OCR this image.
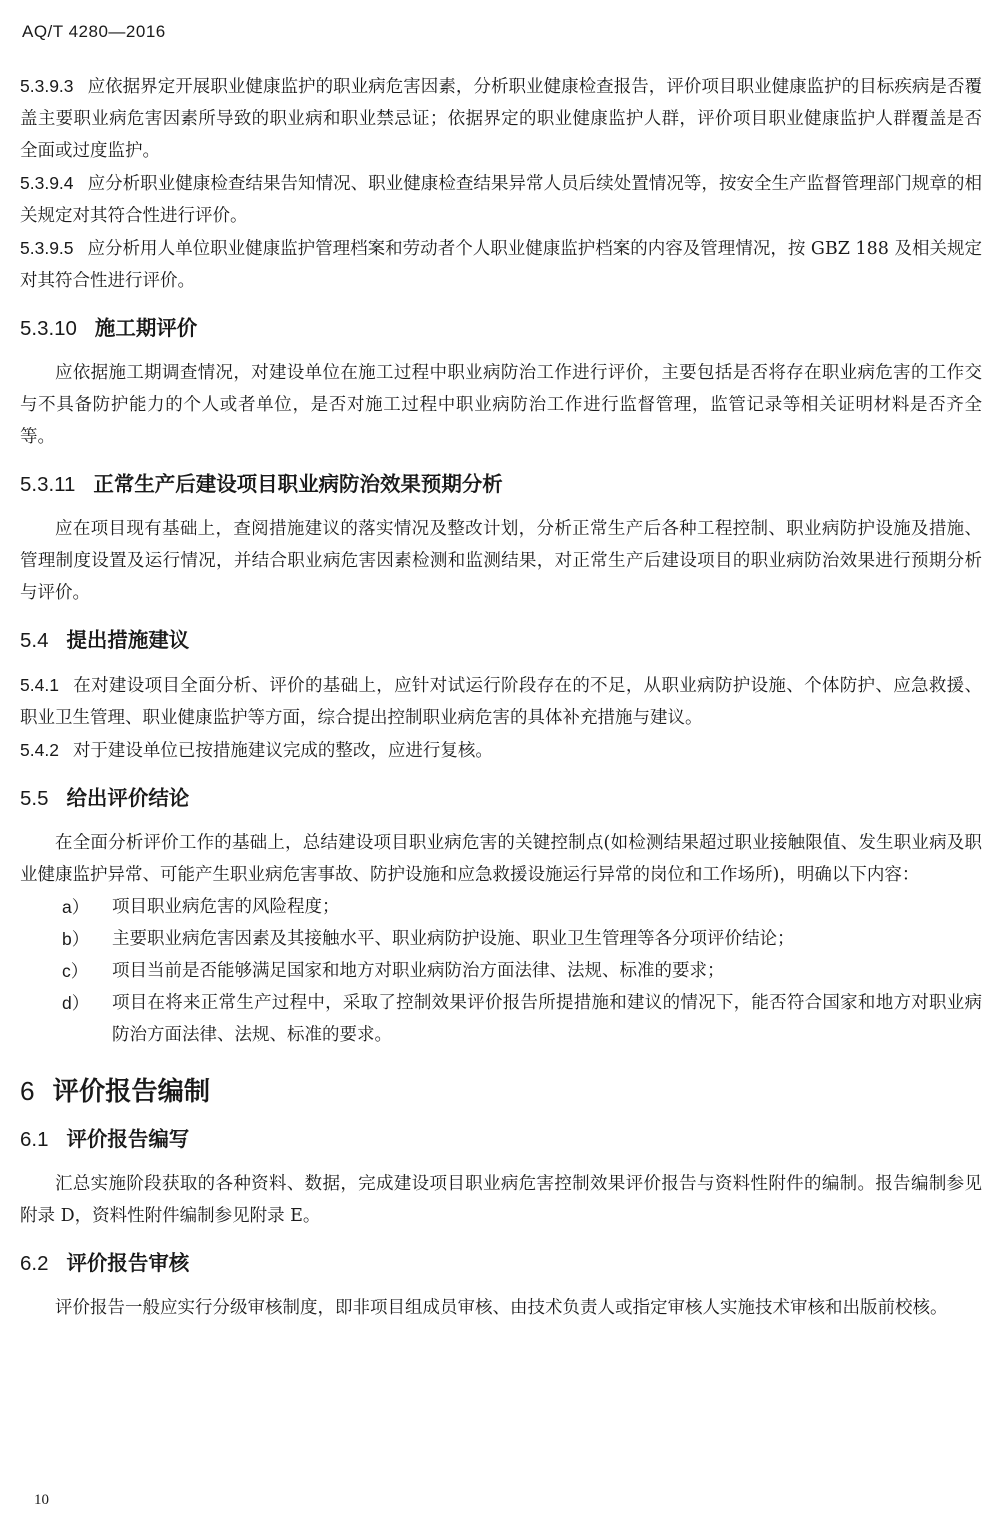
AQ/T 4280—2016

5.3.9.3 应依据界定开展职业健康监护的职业病危害因素，分析职业健康检查报告，评价项目职业健康监护的目标疾病是否覆盖主要职业病危害因素所导致的职业病和职业禁忌证；依据界定的职业健康监护人群，评价项目职业健康监护人群覆盖是否全面或过度监护。

5.3.9.4 应分析职业健康检查结果告知情况、职业健康检查结果异常人员后续处置情况等，按安全生产监督管理部门规章的相关规定对其符合性进行评价。

5.3.9.5 应分析用人单位职业健康监护管理档案和劳动者个人职业健康监护档案的内容及管理情况，按 GBZ 188 及相关规定对其符合性进行评价。

5.3.10 施工期评价

应依据施工期调查情况，对建设单位在施工过程中职业病防治工作进行评价，主要包括是否将存在职业病危害的工作交与不具备防护能力的个人或者单位，是否对施工过程中职业病防治工作进行监督管理，监管记录等相关证明材料是否齐全等。

5.3.11 正常生产后建设项目职业病防治效果预期分析

应在项目现有基础上，查阅措施建议的落实情况及整改计划，分析正常生产后各种工程控制、职业病防护设施及措施、管理制度设置及运行情况，并结合职业病危害因素检测和监测结果，对正常生产后建设项目的职业病防治效果进行预期分析与评价。

5.4 提出措施建议

5.4.1 在对建设项目全面分析、评价的基础上，应针对试运行阶段存在的不足，从职业病防护设施、个体防护、应急救援、职业卫生管理、职业健康监护等方面，综合提出控制职业病危害的具体补充措施与建议。

5.4.2 对于建设单位已按措施建议完成的整改，应进行复核。

5.5 给出评价结论

在全面分析评价工作的基础上，总结建设项目职业病危害的关键控制点(如检测结果超过职业接触限值、发生职业病及职业健康监护异常、可能产生职业病危害事故、防护设施和应急救援设施运行异常的岗位和工作场所)，明确以下内容：

a）	项目职业病危害的风险程度；
b）	主要职业病危害因素及其接触水平、职业病防护设施、职业卫生管理等各分项评价结论；
c）	项目当前是否能够满足国家和地方对职业病防治方面法律、法规、标准的要求；
d）	项目在将来正常生产过程中，采取了控制效果评价报告所提措施和建议的情况下，能否符合国家和地方对职业病防治方面法律、法规、标准的要求。
6 评价报告编制
6.1 评价报告编写

汇总实施阶段获取的各种资料、数据，完成建设项目职业病危害控制效果评价报告与资料性附件的编制。报告编制参见附录 D，资料性附件编制参见附录 E。

6.2 评价报告审核

评价报告一般应实行分级审核制度，即非项目组成员审核、由技术负责人或指定审核人实施技术审核和出版前校核。

10
